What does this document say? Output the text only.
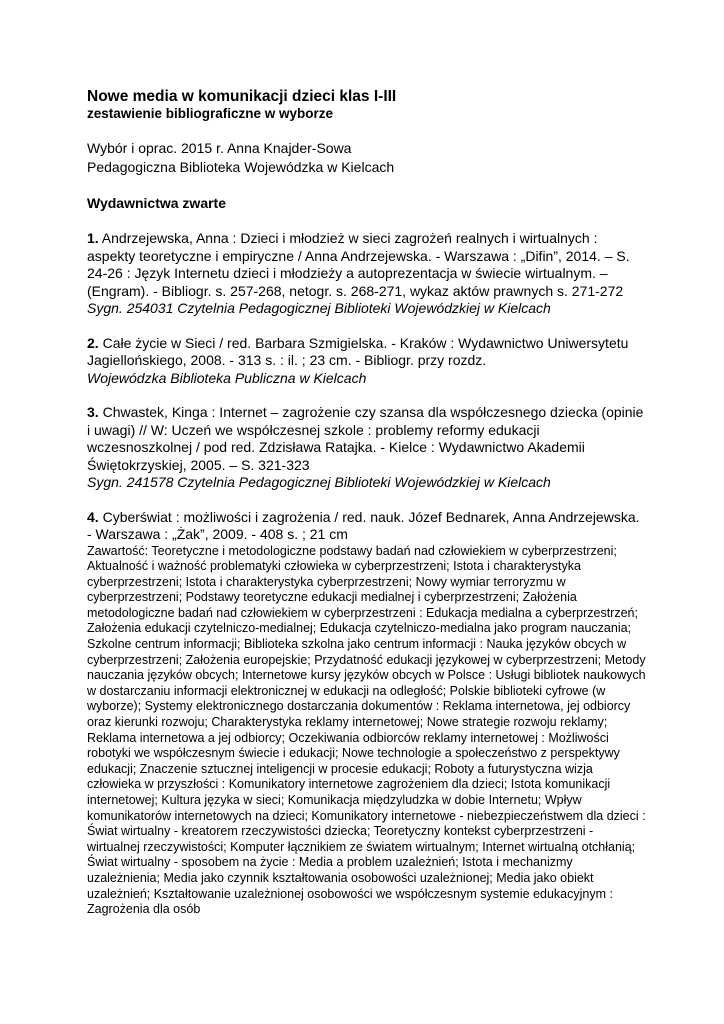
Nowe media w komunikacji dzieci klas I-III
zestawienie bibliograficzne w wyborze
Wybór i oprac. 2015 r. Anna Knajder-Sowa
Pedagogiczna Biblioteka Wojewódzka w Kielcach
Wydawnictwa zwarte
1. Andrzejewska, Anna : Dzieci i młodzież w sieci zagrożeń realnych i wirtualnych : aspekty teoretyczne i empiryczne / Anna Andrzejewska. - Warszawa : „Difin”, 2014. – S. 24-26 : Język Internetu dzieci i młodzieży a autoprezentacja w świecie wirtualnym. – (Engram). - Bibliogr. s. 257-268, netogr. s. 268-271, wykaz aktów prawnych s. 271-272
Sygn. 254031 Czytelnia Pedagogicznej Biblioteki Wojewódzkiej w Kielcach
2. Całe życie w Sieci / red. Barbara Szmigielska. - Kraków : Wydawnictwo Uniwersytetu Jagiellońskiego, 2008. - 313 s. : il. ; 23 cm. - Bibliogr. przy rozdz.
Wojewódzka Biblioteka Publiczna w Kielcach
3. Chwastek, Kinga : Internet – zagrożenie czy szansa dla współczesnego dziecka (opinie i uwagi) // W: Uczeń we współczesnej szkole : problemy reformy edukacji wczesnoszkolnej / pod red. Zdzisława Ratajka. - Kielce : Wydawnictwo Akademii Świętokrzyskiej, 2005. – S. 321-323
Sygn. 241578 Czytelnia Pedagogicznej Biblioteki Wojewódzkiej w Kielcach
4. Cyberświat : możliwości i zagrożenia / red. nauk. Józef Bednarek, Anna Andrzejewska. - Warszawa : „Żak”, 2009. - 408 s. ; 21 cm
Zawartość: Teoretyczne i metodologiczne podstawy badań nad człowiekiem w cyberprzestrzeni; Aktualność i ważność problematyki człowieka w cyberprzestrzeni; Istota i charakterystyka cyberprzestrzeni; Istota i charakterystyka cyberprzestrzeni; Nowy wymiar terroryzmu w cyberprzestrzeni; Podstawy teoretyczne edukacji medialnej i cyberprzestrzeni; Założenia metodologiczne badań nad człowiekiem w cyberprzestrzeni : Edukacja medialna a cyberprzestrzeń; Założenia edukacji czytelniczo-medialnej; Edukacja czytelniczo-medialna jako program nauczania; Szkolne centrum informacji; Biblioteka szkolna jako centrum informacji : Nauka języków obcych w cyberprzestrzeni; Założenia europejskie; Przydatność edukacji językowej w cyberprzestrzeni; Metody nauczania języków obcych; Internetowe kursy języków obcych w Polsce : Usługi bibliotek naukowych w dostarczaniu informacji elektronicznej w edukacji na odległość; Polskie biblioteki cyfrowe (w wyborze); Systemy elektronicznego dostarczania dokumentów : Reklama internetowa, jej odbiorcy oraz kierunki rozwoju; Charakterystyka reklamy internetowej; Nowe strategie rozwoju reklamy; Reklama internetowa a jej odbiorcy; Oczekiwania odbiorców reklamy internetowej : Możliwości robotyki we współczesnym świecie i edukacji; Nowe technologie a społeczeństwo z perspektywy edukacji; Znaczenie sztucznej inteligencji w procesie edukacji; Roboty a futurystyczna wizja człowieka w przyszłości : Komunikatory internetowe zagrożeniem dla dzieci; Istota komunikacji internetowej; Kultura języka w sieci; Komunikacja międzyludzka w dobie Internetu; Wpływ komunikatorów internetowych na dzieci; Komunikatory internetowe - niebezpieczeństwem dla dzieci : Świat wirtualny - kreatorem rzeczywistości dziecka; Teoretyczny kontekst cyberprzestrzeni - wirtualnej rzeczywistości; Komputer łącznikiem ze światem wirtualnym; Internet wirtualną otchłanią; Świat wirtualny - sposobem na życie : Media a problem uzależnień; Istota i mechanizmy uzależnienia; Media jako czynnik kształtowania osobowości uzależnionej; Media jako obiekt uzależnień; Kształtowanie uzależnionej osobowości we współczesnym systemie edukacyjnym : Zagrożenia dla osób
